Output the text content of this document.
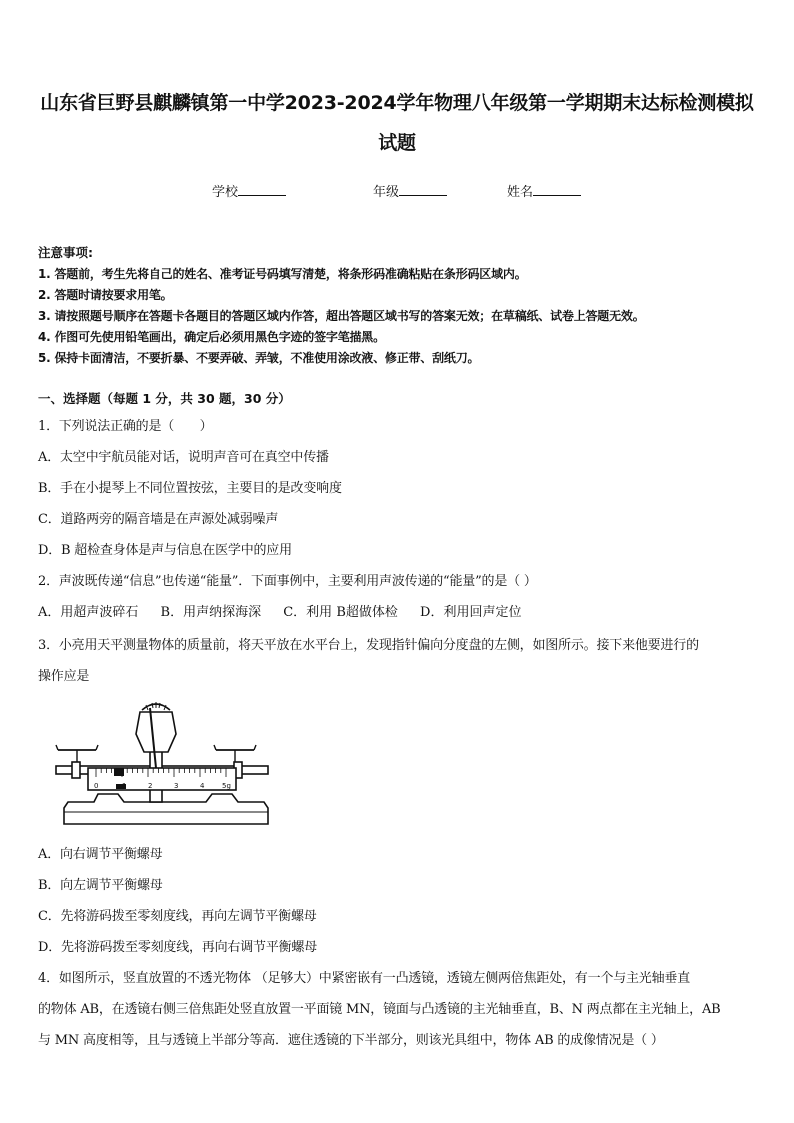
山东省巨野县麒麟镇第一中学2023-2024学年物理八年级第一学期期末达标检测模拟
试题
学校	年级	姓名
注意事项:
1. 答题前，考生先将自己的姓名、准考证号码填写清楚，将条形码准确粘贴在条形码区域内。
2. 答题时请按要求用笔。
3. 请按照题号顺序在答题卡各题目的答题区域内作答，超出答题区域书写的答案无效；在草稿纸、试卷上答题无效。
4. 作图可先使用铅笔画出，确定后必须用黑色字迹的签字笔描黑。
5. 保持卡面清洁，不要折暴、不要弄破、弄皱，不准使用涂改液、修正带、刮纸刀。
一、选择题（每题 1 分，共 30 题，30 分）
1．下列说法正确的是（　　）
A．太空中宇航员能对话，说明声音可在真空中传播
B．手在小提琴上不同位置按弦，主要目的是改变响度
C．道路两旁的隔音墙是在声源处减弱噪声
D．B 超检查身体是声与信息在医学中的应用
2．声波既传递“信息”也传递“能量”．下面事例中，主要利用声波传递的“能量”的是（ ）
A．用超声波碎石 B．用声纳探海深 C．利用 B超做体检 D．利用回声定位
3．小亮用天平测量物体的质量前，将天平放在水平台上，发现指针偏向分度盘的左侧，如图所示。接下来他要进行的
操作应是
0	2	3	4	5g
A．向右调节平衡螺母
B．向左调节平衡螺母
C．先将游码拨至零刻度线，再向左调节平衡螺母
D．先将游码拨至零刻度线，再向右调节平衡螺母
4．如图所示，竖直放置的不透光物体 （足够大）中紧密嵌有一凸透镜，透镜左侧两倍焦距处，有一个与主光轴垂直
的物体 AB，在透镜右侧三倍焦距处竖直放置一平面镜 MN，镜面与凸透镜的主光轴垂直，B、N 两点都在主光轴上，AB
与 MN 高度相等，且与透镜上半部分等高．遮住透镜的下半部分，则该光具组中，物体 AB 的成像情况是（ ）
